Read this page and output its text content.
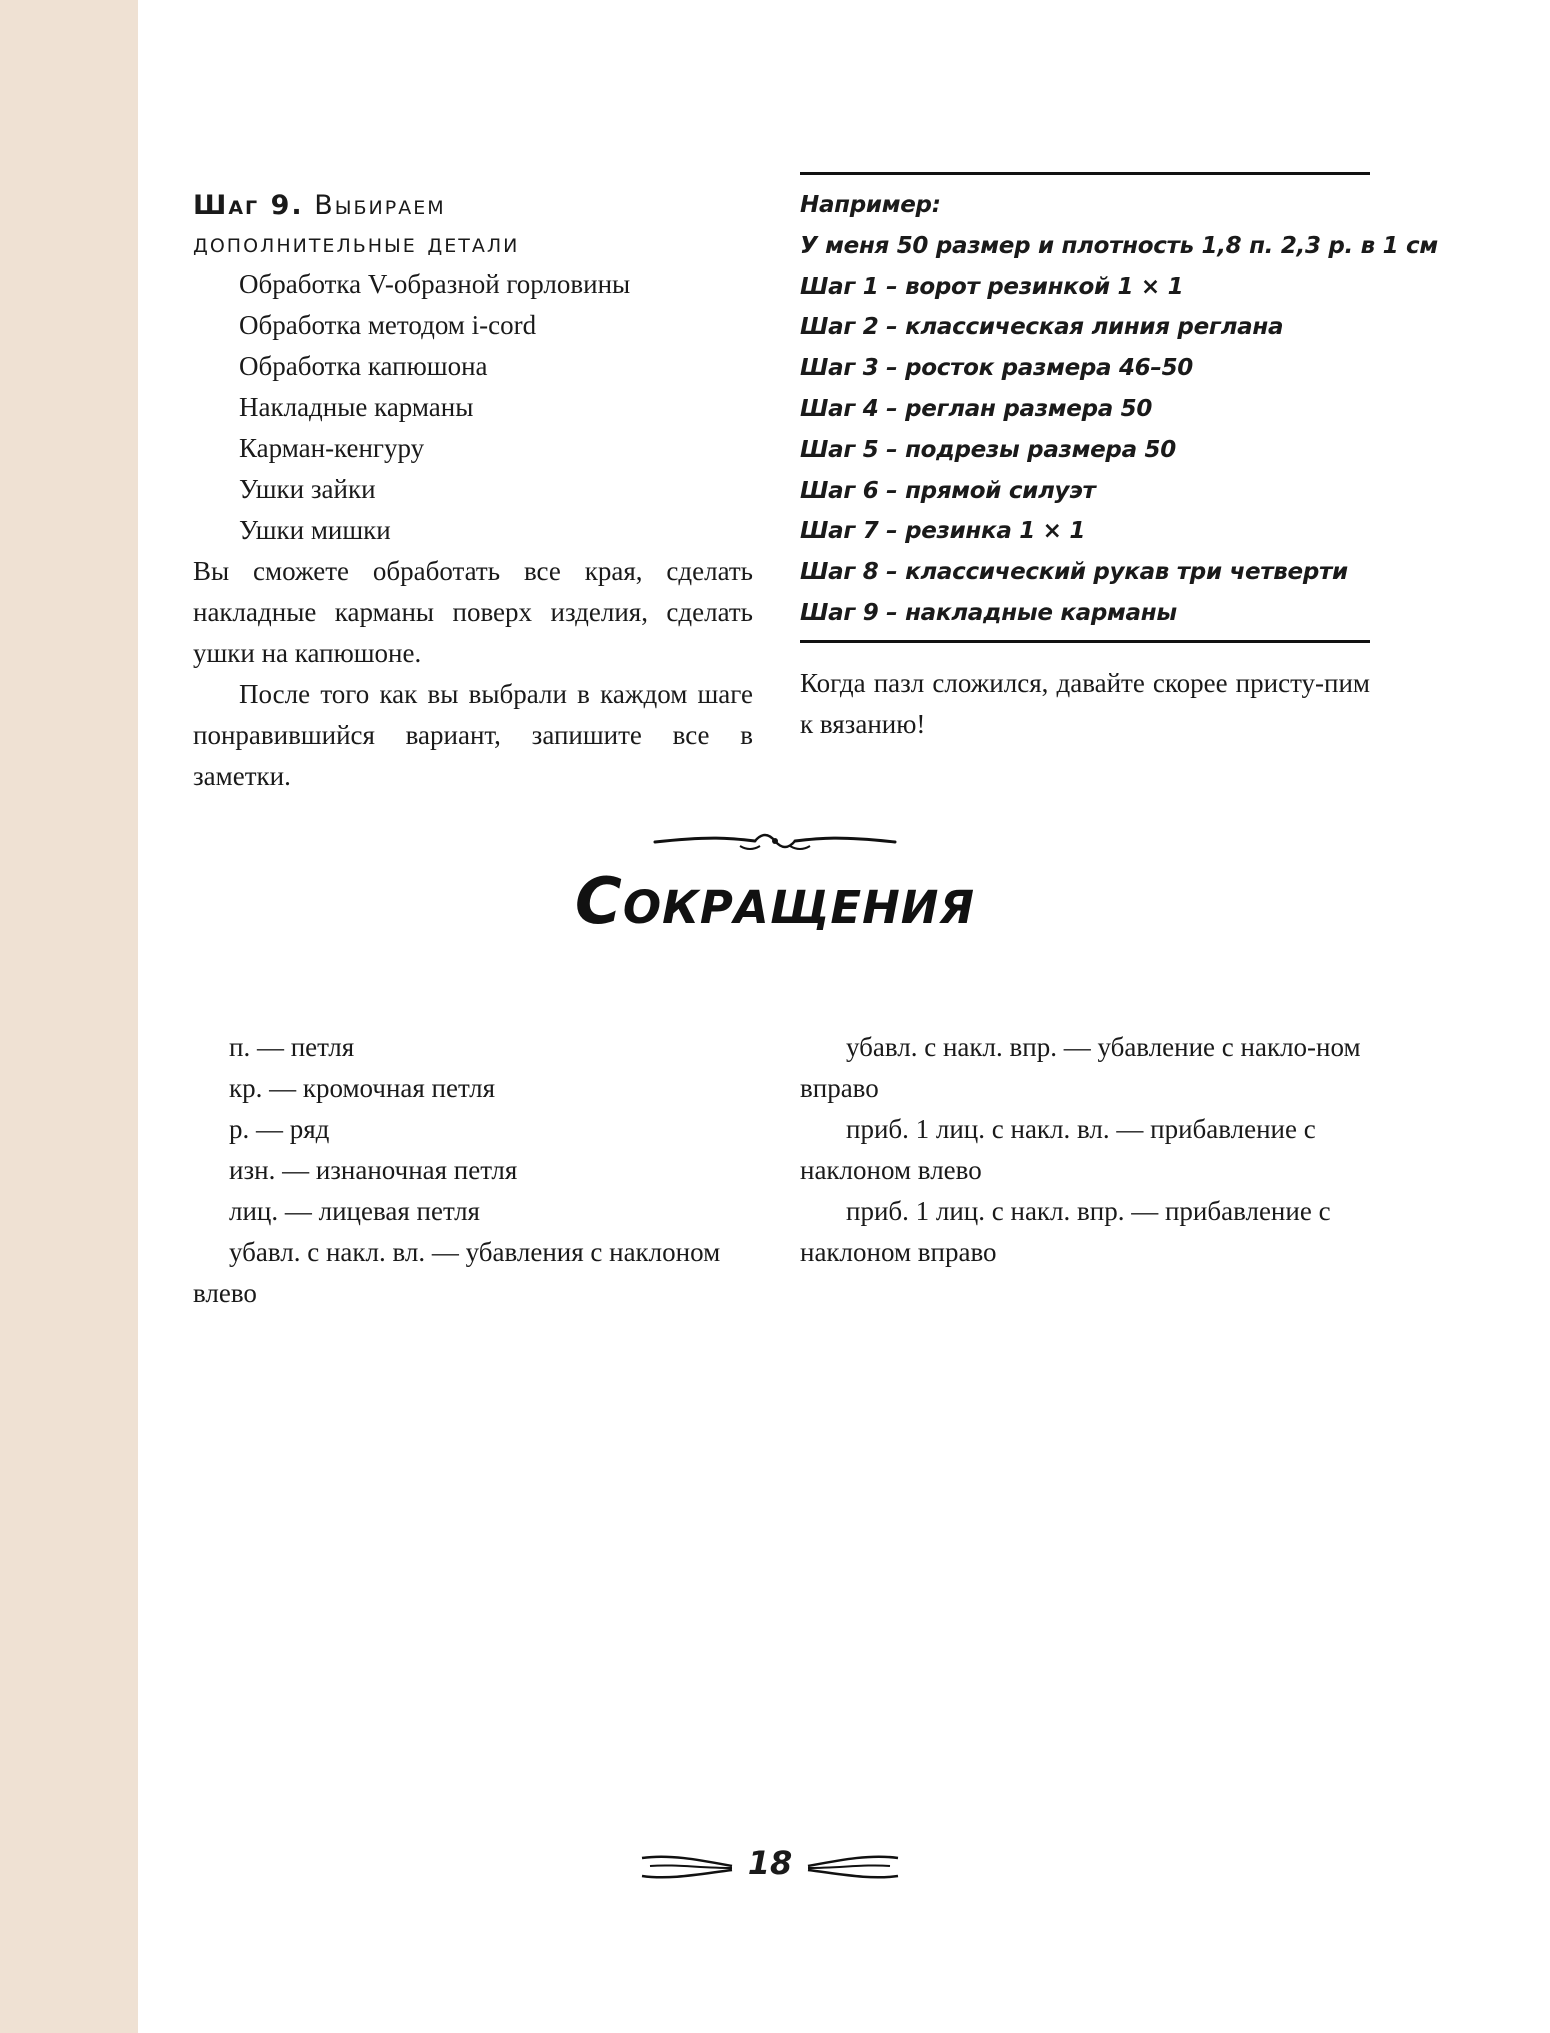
Шаг 9. Выбираем
дополнительные детали
Обработка V-образной горловины
Обработка методом i-cord
Обработка капюшона
Накладные карманы
Карман-кенгуру
Ушки зайки
Ушки мишки

Вы сможете обработать все края, сделать накладные карманы поверх изделия, сделать ушки на капюшоне.

После того как вы выбрали в каждом шаге понравившийся вариант, запишите все в заметки.

Например:
У меня 50 размер и плотность 1,8 п. 2,3 р. в 1 см
Шаг 1 – ворот резинкой 1 × 1
Шаг 2 – классическая линия реглана
Шаг 3 – росток размера 46–50
Шаг 4 – реглан размера 50
Шаг 5 – подрезы размера 50
Шаг 6 – прямой силуэт
Шаг 7 – резинка 1 × 1
Шаг 8 – классический рукав три четверти
Шаг 9 – накладные карманы

Когда пазл сложился, давайте скорее присту-пим к вязанию!

Сокращения

п. — петля

кр. — кромочная петля

р. — ряд

изн. — изнаночная петля

лиц. — лицевая петля

убавл. с накл. вл. — убавления с наклоном влево

убавл. с накл. впр. — убавление с накло-ном вправо

приб. 1 лиц. с накл. вл. — прибавление с наклоном влево

приб. 1 лиц. с накл. впр. — прибавление с наклоном вправо

18
